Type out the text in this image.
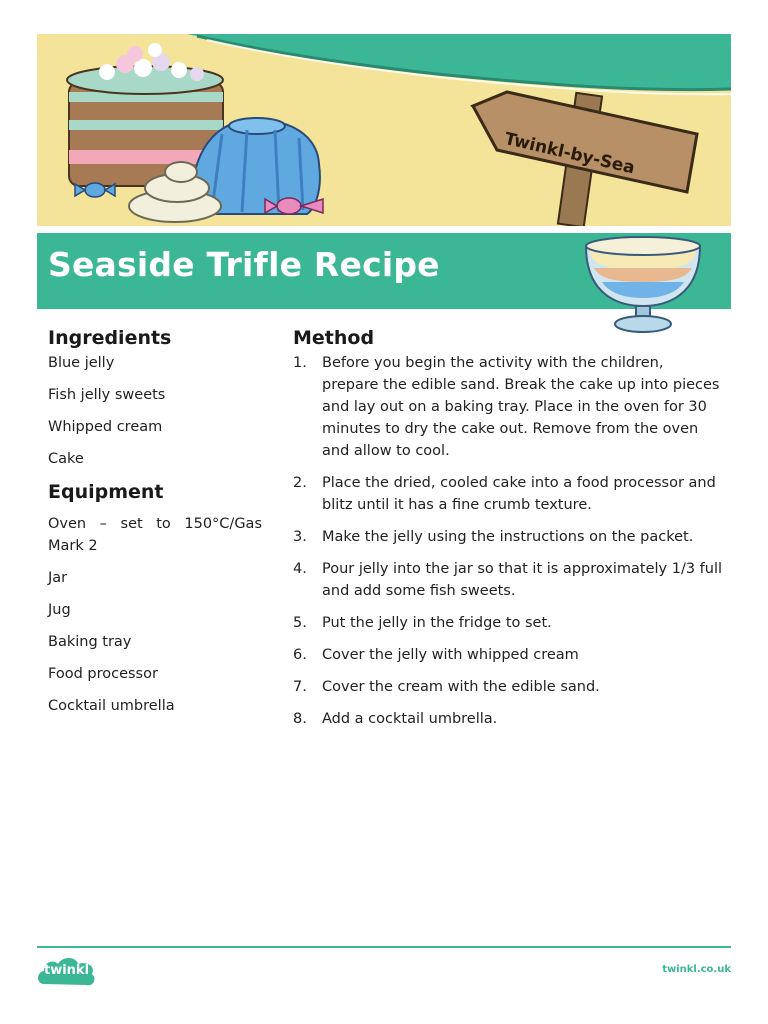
Twinkl-by-Sea
Seaside Trifle Recipe
Ingredients
Blue jelly
Fish jelly sweets
Whipped cream
Cake
Equipment
Oven – set to 150°C/Gas Mark 2
Jar
Jug
Baking tray
Food processor
Cocktail umbrella
Method
1.	Before you begin the activity with the children, prepare the edible sand. Break the cake up into pieces and lay out on a baking tray. Place in the oven for 30 minutes to dry the cake out. Remove from the oven and allow to cool.
2.	Place the dried, cooled cake into a food processor and blitz until it has a fine crumb texture.
3.	Make the jelly using the instructions on the packet.
4.	Pour jelly into the jar so that it is approximately 1/3 full and add some fish sweets.
5.	Put the jelly in the fridge to set.
6.	Cover the jelly with whipped cream
7.	Cover the cream with the edible sand.
8.	Add a cocktail umbrella.
twinkl	twinkl.co.uk
